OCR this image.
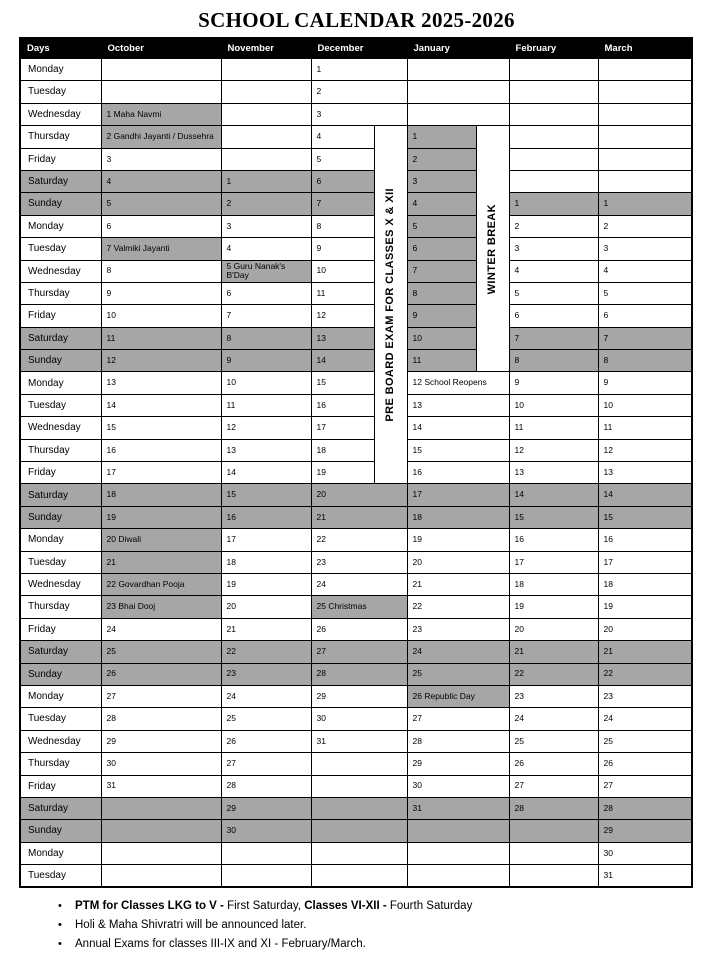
SCHOOL CALENDAR 2025-2026
Days	October	November	December		January		February	March
Monday			1					
Tuesday			2					
Wednesday	1 Maha Navmi		3					
Thursday	2 Gandhi Jayanti / Dussehra		4	PRE BOARD EXAM FOR CLASSES X & XII	1	WINTER BREAK		

Friday	3		5		2			
Saturday	4	1	6		3			
Sunday	5	2	7		4		1	1
Monday	6	3	8		5		2	2
Tuesday	7 Valmiki Jayanti	4	9		6		3	3
Wednesday	8	5 Guru Nanak's B'Day	10		7		4	4
Thursday	9	6	11		8		5	5
Friday	10	7	12		9		6	6
Saturday	11	8	13		10		7	7
Sunday	12	9	14		11		8	8
Monday	13	10	15		12 School Reopens		9	9
Tuesday	14	11	16		13		10	10
Wednesday	15	12	17		14		11	11
Thursday	16	13	18		15		12	12
Friday	17	14	19		16		13	13
Saturday	18	15	20		17		14	14
Sunday	19	16	21		18		15	15
Monday	20 Diwali	17	22		19		16	16
Tuesday	21	18	23		20		17	17
Wednesday	22 Govardhan Pooja	19	24		21		18	18
Thursday	23 Bhai Dooj	20	25 Christmas		22		19	19
Friday	24	21	26		23		20	20
Saturday	25	22	27		24		21	21
Sunday	26	23	28		25		22	22
Monday	27	24	29		26 Republic Day		23	23
Tuesday	28	25	30		27		24	24
Wednesday	29	26	31		28		25	25
Thursday	30	27			29		26	26
Friday	31	28			30		27	27
Saturday		29			31		28	28
Sunday		30						29
Monday								30
Tuesday								31
• PTM for Classes LKG to V - First Saturday, Classes VI-XII - Fourth Saturday
• Holi & Maha Shivratri will be announced later.
• Annual Exams for classes III-IX and XI - February/March.
